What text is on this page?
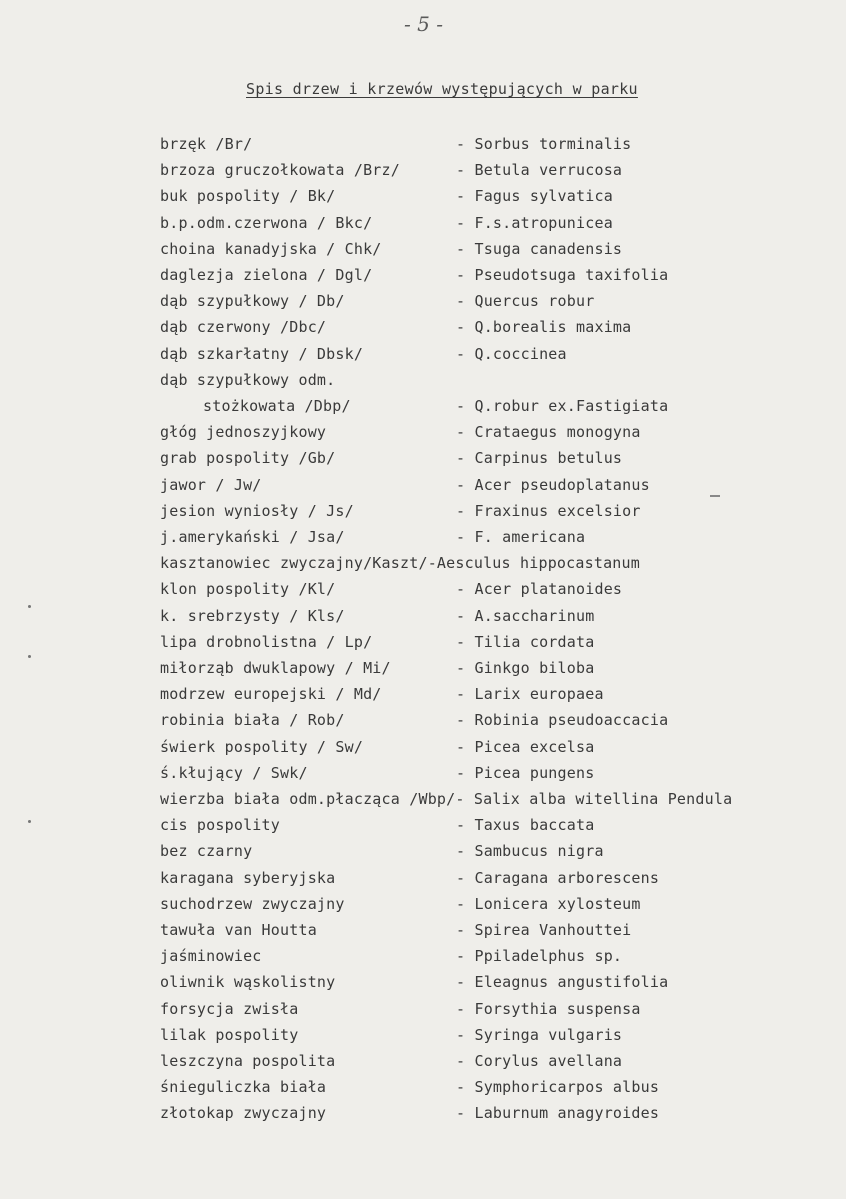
- 5 -
Spis drzew i krzewów występujących w parku
brzęk /Br/	- Sorbus torminalis
brzoza gruczołkowata /Brz/	- Betula verrucosa
buk pospolity / Bk/	- Fagus sylvatica
b.p.odm.czerwona / Bkc/	- F.s.atropunicea
choina kanadyjska / Chk/	- Tsuga canadensis
daglezja zielona / Dgl/	- Pseudotsuga taxifolia
dąb szypułkowy / Db/	- Quercus robur
dąb czerwony /Dbc/	- Q.borealis maxima
dąb szkarłatny / Dbsk/	- Q.coccinea
dąb szypułkowy odm.
stożkowata /Dbp/	- Q.robur ex.Fastigiata
głóg jednoszyjkowy	- Crataegus monogyna
grab pospolity /Gb/	- Carpinus betulus
jawor / Jw/	- Acer pseudoplatanus
jesion wyniosły / Js/	- Fraxinus excelsior
j.amerykański / Jsa/	- F. americana
kasztanowiec zwyczajny/Kaszt/-Aesculus hippocastanum
klon pospolity /Kl/	- Acer platanoides
k. srebrzysty / Kls/	- A.saccharinum
lipa drobnolistna / Lp/	- Tilia cordata
miłorząb dwuklapowy / Mi/	- Ginkgo biloba
modrzew europejski / Md/	- Larix europaea
robinia biała / Rob/	- Robinia pseudoaccacia
świerk pospolity / Sw/	- Picea excelsa
ś.kłujący / Swk/	- Picea pungens
wierzba biała odm.płacząca /Wbp/- Salix alba witellina Pendula
cis pospolity	- Taxus baccata
bez czarny	- Sambucus nigra
karagana syberyjska	- Caragana arborescens
suchodrzew zwyczajny	- Lonicera xylosteum
tawuła van Houtta	- Spirea Vanhouttei
jaśminowiec	- Ppiladelphus sp.
oliwnik wąskolistny	- Eleagnus angustifolia
forsycja zwisła	- Forsythia suspensa
lilak pospolity	- Syringa vulgaris
leszczyna pospolita	- Corylus avellana
śnieguliczka biała	- Symphoricarpos albus
złotokap zwyczajny	- Laburnum anagyroides
